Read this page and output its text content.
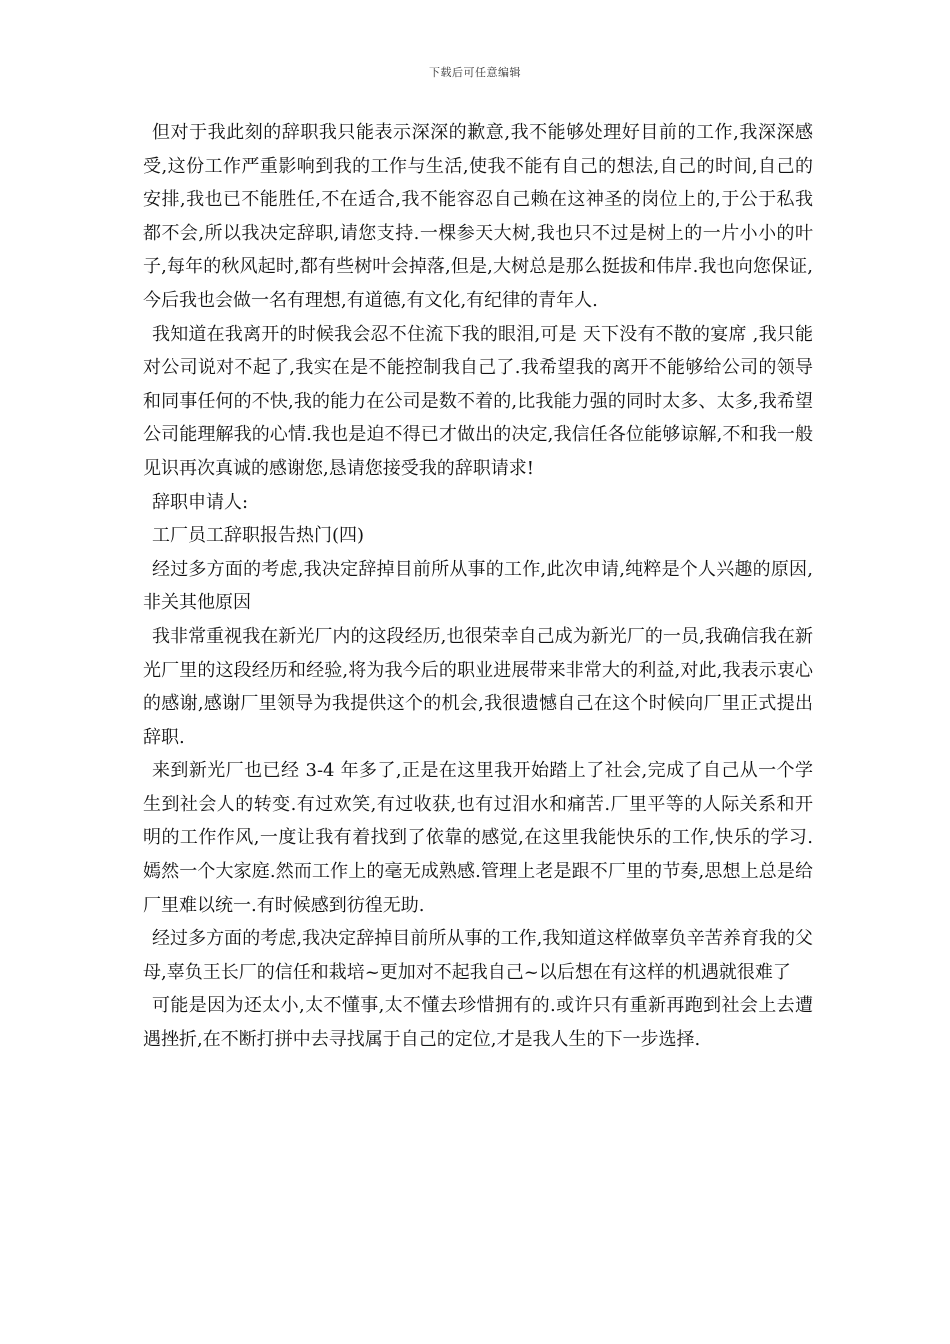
下载后可任意编辑

但对于我此刻的辞职我只能表示深深的歉意,我不能够处理好目前的工作,我深深感受,这份工作严重影响到我的工作与生活,使我不能有自己的想法,自己的时间,自己的安排,我也已不能胜任,不在适合,我不能容忍自己赖在这神圣的岗位上的,于公于私我都不会,所以我决定辞职,请您支持.一棵参天大树,我也只不过是树上的一片小小的叶子,每年的秋风起时,都有些树叶会掉落,但是,大树总是那么挺拔和伟岸.我也向您保证,今后我也会做一名有理想,有道德,有文化,有纪律的青年人.

我知道在我离开的时候我会忍不住流下我的眼泪,可是 天下没有不散的宴席 ,我只能对公司说对不起了,我实在是不能控制我自己了.我希望我的离开不能够给公司的领导和同事任何的不快,我的能力在公司是数不着的,比我能力强的同时太多、太多,我希望公司能理解我的心情.我也是迫不得已才做出的决定,我信任各位能够谅解,不和我一般见识再次真诚的感谢您,恳请您接受我的辞职请求!

辞职申请人:

工厂员工辞职报告热门(四)

经过多方面的考虑,我决定辞掉目前所从事的工作,此次申请,纯粹是个人兴趣的原因,非关其他原因

我非常重视我在新光厂内的这段经历,也很荣幸自己成为新光厂的一员,我确信我在新光厂里的这段经历和经验,将为我今后的职业进展带来非常大的利益,对此,我表示衷心的感谢,感谢厂里领导为我提供这个的机会,我很遗憾自己在这个时候向厂里正式提出辞职.

来到新光厂也已经 3-4 年多了,正是在这里我开始踏上了社会,完成了自己从一个学生到社会人的转变.有过欢笑,有过收获,也有过泪水和痛苦.厂里平等的人际关系和开明的工作作风,一度让我有着找到了依靠的感觉,在这里我能快乐的工作,快乐的学习.嫣然一个大家庭.然而工作上的毫无成熟感.管理上老是跟不厂里的节奏,思想上总是给厂里难以统一.有时候感到彷徨无助.

经过多方面的考虑,我决定辞掉目前所从事的工作,我知道这样做辜负辛苦养育我的父母,辜负王长厂的信任和栽培~更加对不起我自己~以后想在有这样的机遇就很难了

可能是因为还太小,太不懂事,太不懂去珍惜拥有的.或许只有重新再跑到社会上去遭遇挫折,在不断打拼中去寻找属于自己的定位,才是我人生的下一步选择.
